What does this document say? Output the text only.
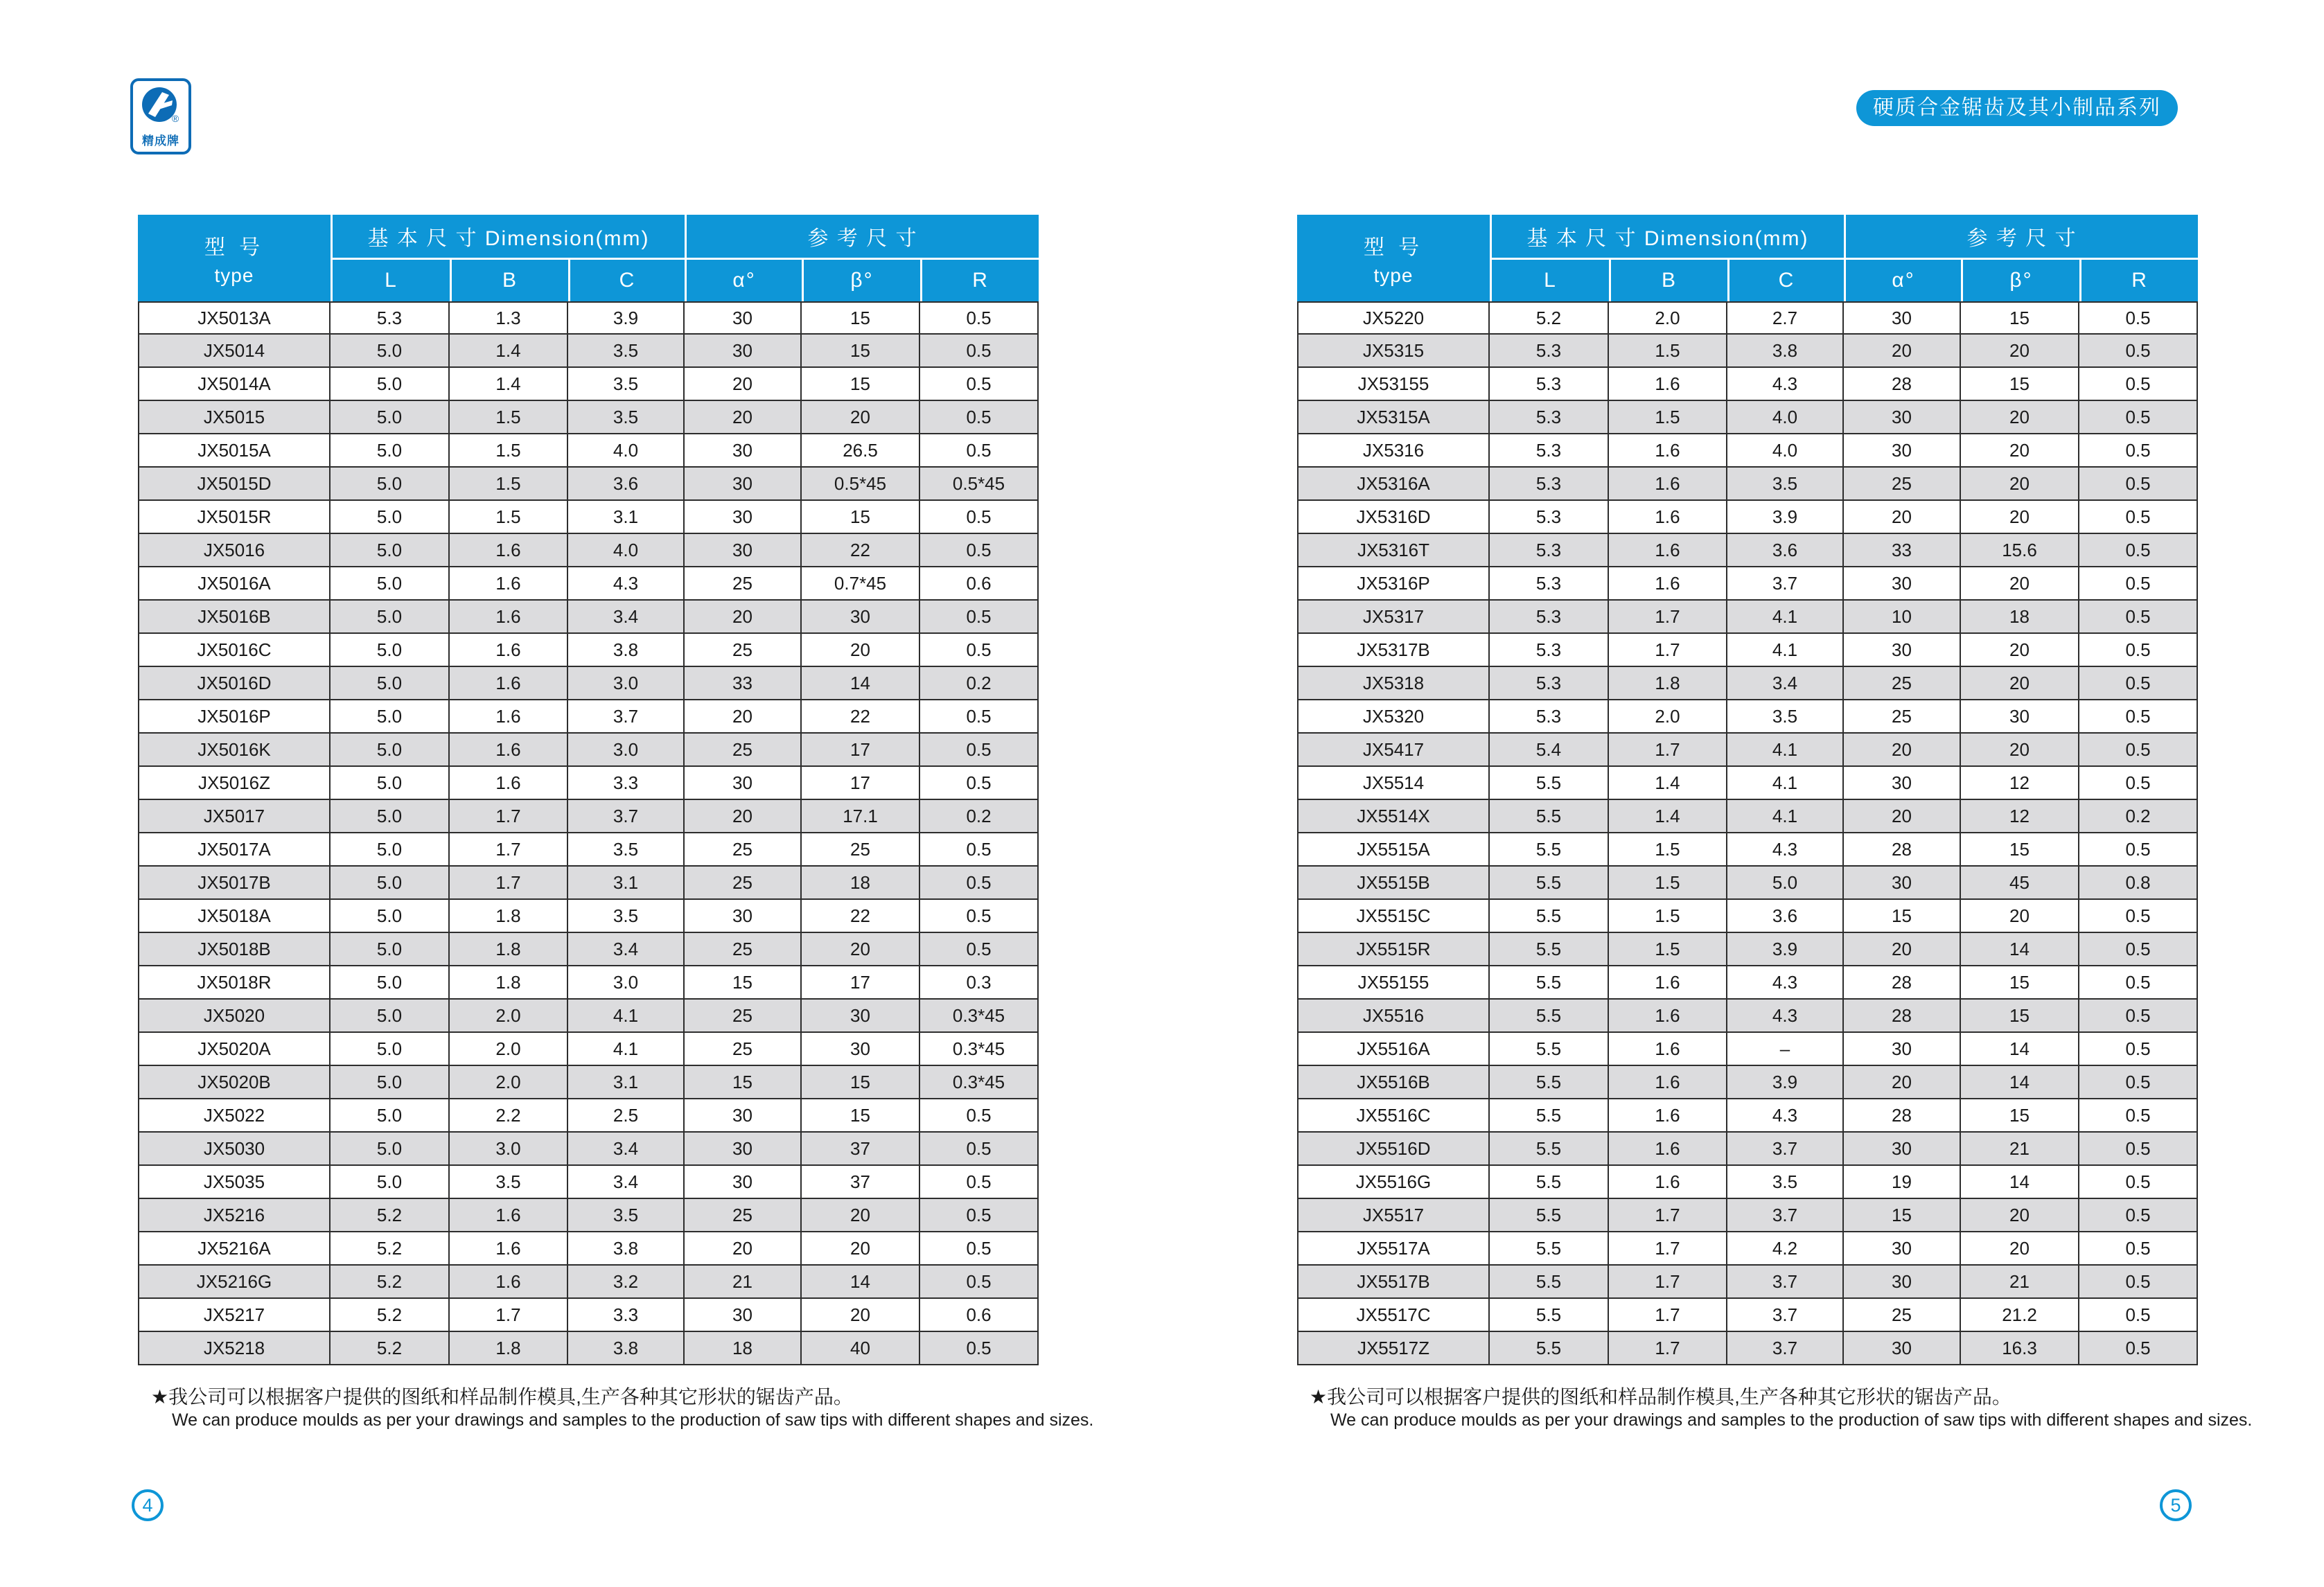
®
精成牌
硬质合金锯齿及其小制品系列
型 号
type	基 本 尺 寸 Dimension(mm)			参 考 尺 寸		
	L	B	C	α°	β°	R
JX5013A	5.3	1.3	3.9	30	15	0.5
JX5014	5.0	1.4	3.5	30	15	0.5
JX5014A	5.0	1.4	3.5	20	15	0.5
JX5015	5.0	1.5	3.5	20	20	0.5
JX5015A	5.0	1.5	4.0	30	26.5	0.5
JX5015D	5.0	1.5	3.6	30	0.5*45	0.5*45
JX5015R	5.0	1.5	3.1	30	15	0.5
JX5016	5.0	1.6	4.0	30	22	0.5
JX5016A	5.0	1.6	4.3	25	0.7*45	0.6
JX5016B	5.0	1.6	3.4	20	30	0.5
JX5016C	5.0	1.6	3.8	25	20	0.5
JX5016D	5.0	1.6	3.0	33	14	0.2
JX5016P	5.0	1.6	3.7	20	22	0.5
JX5016K	5.0	1.6	3.0	25	17	0.5
JX5016Z	5.0	1.6	3.3	30	17	0.5
JX5017	5.0	1.7	3.7	20	17.1	0.2
JX5017A	5.0	1.7	3.5	25	25	0.5
JX5017B	5.0	1.7	3.1	25	18	0.5
JX5018A	5.0	1.8	3.5	30	22	0.5
JX5018B	5.0	1.8	3.4	25	20	0.5
JX5018R	5.0	1.8	3.0	15	17	0.3
JX5020	5.0	2.0	4.1	25	30	0.3*45
JX5020A	5.0	2.0	4.1	25	30	0.3*45
JX5020B	5.0	2.0	3.1	15	15	0.3*45
JX5022	5.0	2.2	2.5	30	15	0.5
JX5030	5.0	3.0	3.4	30	37	0.5
JX5035	5.0	3.5	3.4	30	37	0.5
JX5216	5.2	1.6	3.5	25	20	0.5
JX5216A	5.2	1.6	3.8	20	20	0.5
JX5216G	5.2	1.6	3.2	21	14	0.5
JX5217	5.2	1.7	3.3	30	20	0.6
JX5218	5.2	1.8	3.8	18	40	0.5
型 号
type	基 本 尺 寸 Dimension(mm)			参 考 尺 寸		
	L	B	C	α°	β°	R
JX5220	5.2	2.0	2.7	30	15	0.5
JX5315	5.3	1.5	3.8	20	20	0.5
JX53155	5.3	1.6	4.3	28	15	0.5
JX5315A	5.3	1.5	4.0	30	20	0.5
JX5316	5.3	1.6	4.0	30	20	0.5
JX5316A	5.3	1.6	3.5	25	20	0.5
JX5316D	5.3	1.6	3.9	20	20	0.5
JX5316T	5.3	1.6	3.6	33	15.6	0.5
JX5316P	5.3	1.6	3.7	30	20	0.5
JX5317	5.3	1.7	4.1	10	18	0.5
JX5317B	5.3	1.7	4.1	30	20	0.5
JX5318	5.3	1.8	3.4	25	20	0.5
JX5320	5.3	2.0	3.5	25	30	0.5
JX5417	5.4	1.7	4.1	20	20	0.5
JX5514	5.5	1.4	4.1	30	12	0.5
JX5514X	5.5	1.4	4.1	20	12	0.2
JX5515A	5.5	1.5	4.3	28	15	0.5
JX5515B	5.5	1.5	5.0	30	45	0.8
JX5515C	5.5	1.5	3.6	15	20	0.5
JX5515R	5.5	1.5	3.9	20	14	0.5
JX55155	5.5	1.6	4.3	28	15	0.5
JX5516	5.5	1.6	4.3	28	15	0.5
JX5516A	5.5	1.6	–	30	14	0.5
JX5516B	5.5	1.6	3.9	20	14	0.5
JX5516C	5.5	1.6	4.3	28	15	0.5
JX5516D	5.5	1.6	3.7	30	21	0.5
JX5516G	5.5	1.6	3.5	19	14	0.5
JX5517	5.5	1.7	3.7	15	20	0.5
JX5517A	5.5	1.7	4.2	30	20	0.5
JX5517B	5.5	1.7	3.7	30	21	0.5
JX5517C	5.5	1.7	3.7	25	21.2	0.5
JX5517Z	5.5	1.7	3.7	30	16.3	0.5
★我公司可以根据客户提供的图纸和样品制作模具,生产各种其它形状的锯齿产品。
We can produce moulds as per your drawings and samples to the production of saw tips with different shapes and sizes.
★我公司可以根据客户提供的图纸和样品制作模具,生产各种其它形状的锯齿产品。
We can produce moulds as per your drawings and samples to the production of saw tips with different shapes and sizes.
4	5
